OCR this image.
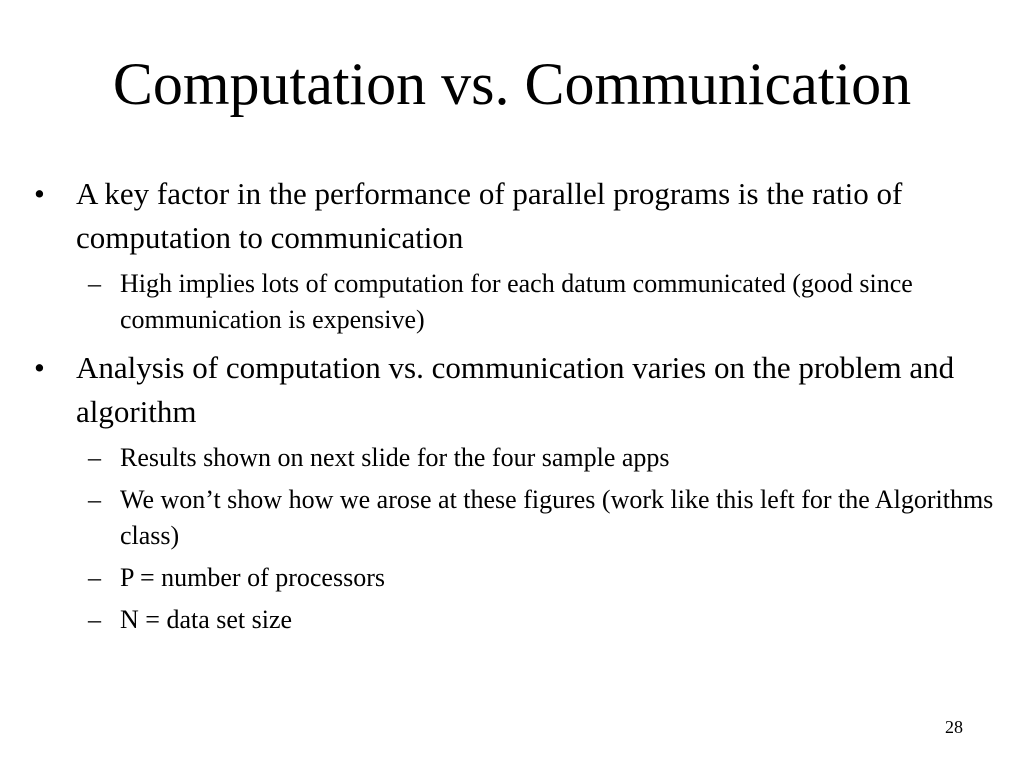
Computation vs. Communication
•	A key factor in the performance of parallel programs is the ratio of computation to communication
– High implies lots of computation for each datum communicated (good since communication is expensive)
•	Analysis of computation vs. communication varies on the problem and algorithm
– Results shown on next slide for the four sample apps
– We won’t show how we arose at these figures (work like this left for the Algorithms class)
– P = number of processors
– N = data set size
28
